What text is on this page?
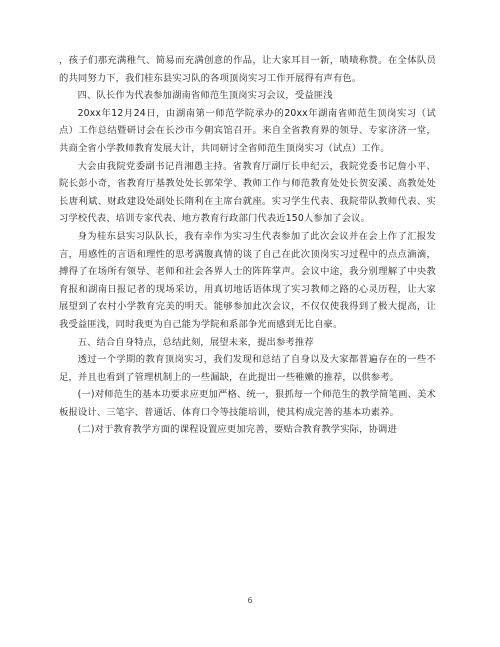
，孩子们那充满稚气、简易而充满创意的作品，让大家耳目一新，啧啧称赞。在全体队员的共同努力下，我们桂东县实习队的各项顶岗实习工作开展得有声有色。

四、队长作为代表参加湖南省师范生顶岗实习会议，受益匪浅

20xx年12月24日，由湖南第一师范学院承办的20xx年湖南省师范生顶岗实习（试点）工作总结暨研讨会在长沙市今朝宾馆召开。来自全省教育界的领导、专家济济一堂，共商全省小学教师教育发展大计，共同研讨全省师范生顶岗实习（试点）工作。

大会由我院党委副书记肖湘愚主持。省教育厅副厅长申纪云，我院党委书记詹小平、院长彭小奇，省教育厅基教处处长郭荣学、教师工作与师范教育处处长贺安溪、高教处处长唐利斌、财政建设处副处长隋利在主席台就座。实习学生代表、我院带队教师代表、实习学校代表、培训专家代表、地方教育行政部门代表近150人参加了会议。

身为桂东县实习队队长，我有幸作为实习生代表参加了此次会议并在会上作了汇报发言，用感性的言语和理性的思考满腹真情的谈了自己在此次顶岗实习过程中的点点滴滴，搏得了在场所有领导、老师和社会各界人士的阵阵掌声。会议中途，我分别理解了中央教育报和湖南日报记者的现场采访，用真切地话语体现了实习教师之路的心灵历程，让大家展望到了农村小学教育完美的明天。能够参加此次会议，不仅仅使我得到了极大提高，让我受益匪浅，同时我更为自己能为学院和系部争光而感到无比自豪。

五、结合自身特点，总结此刻，展望未来，提出参考推荐

透过一个学期的教育顶岗实习，我们发现和总结了自身以及大家都普遍存在的一些不足，并且也看到了管理机制上的一些漏缺，在此提出一些稚嫩的推荐，以供参考。

(一)对师范生的基本功要求应更加严格、统一，狠抓每一个师范生的教学简笔画、美术板报设计、三笔字、普通话、体育口令等技能培训，使其构成完善的基本功素养。

(二)对于教育教学方面的课程设置应更加完善，要贴合教育教学实际，协调进

6
